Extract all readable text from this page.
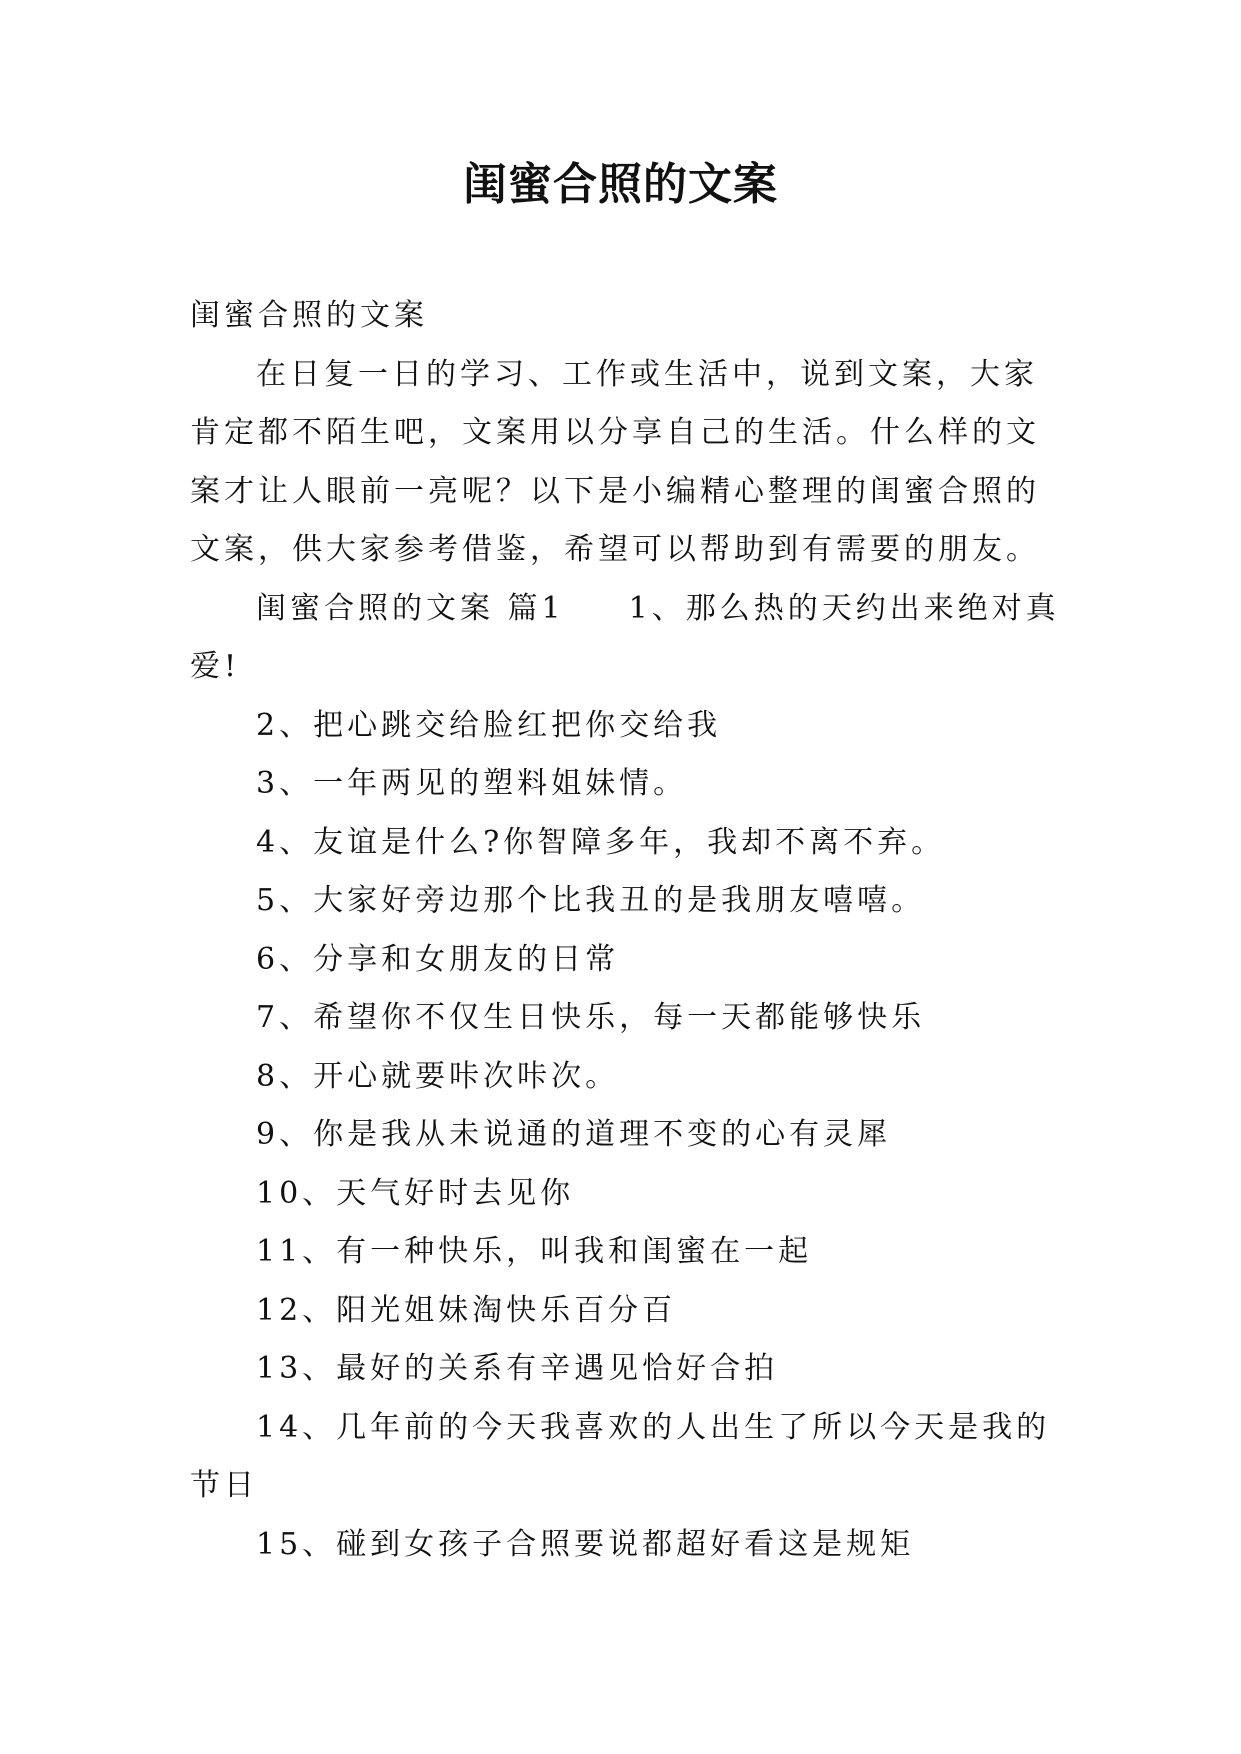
闺蜜合照的文案

闺蜜合照的文案

在日复一日的学习、工作或生活中，说到文案，大家肯定都不陌生吧，文案用以分享自己的生活。什么样的文案才让人眼前一亮呢？以下是小编精心整理的闺蜜合照的文案，供大家参考借鉴，希望可以帮助到有需要的朋友。

闺蜜合照的文案 篇1 1、那么热的天约出来绝对真爱!

2、把心跳交给脸红把你交给我

3、一年两见的塑料姐妹情。

4、友谊是什么?你智障多年，我却不离不弃。

5、大家好旁边那个比我丑的是我朋友嘻嘻。

6、分享和女朋友的日常

7、希望你不仅生日快乐，每一天都能够快乐

8、开心就要咔次咔次。

9、你是我从未说通的道理不变的心有灵犀

10、天气好时去见你

11、有一种快乐，叫我和闺蜜在一起

12、阳光姐妹淘快乐百分百

13、最好的关系有辛遇见恰好合拍

14、几年前的今天我喜欢的人出生了所以今天是我的节日

15、碰到女孩子合照要说都超好看这是规矩
